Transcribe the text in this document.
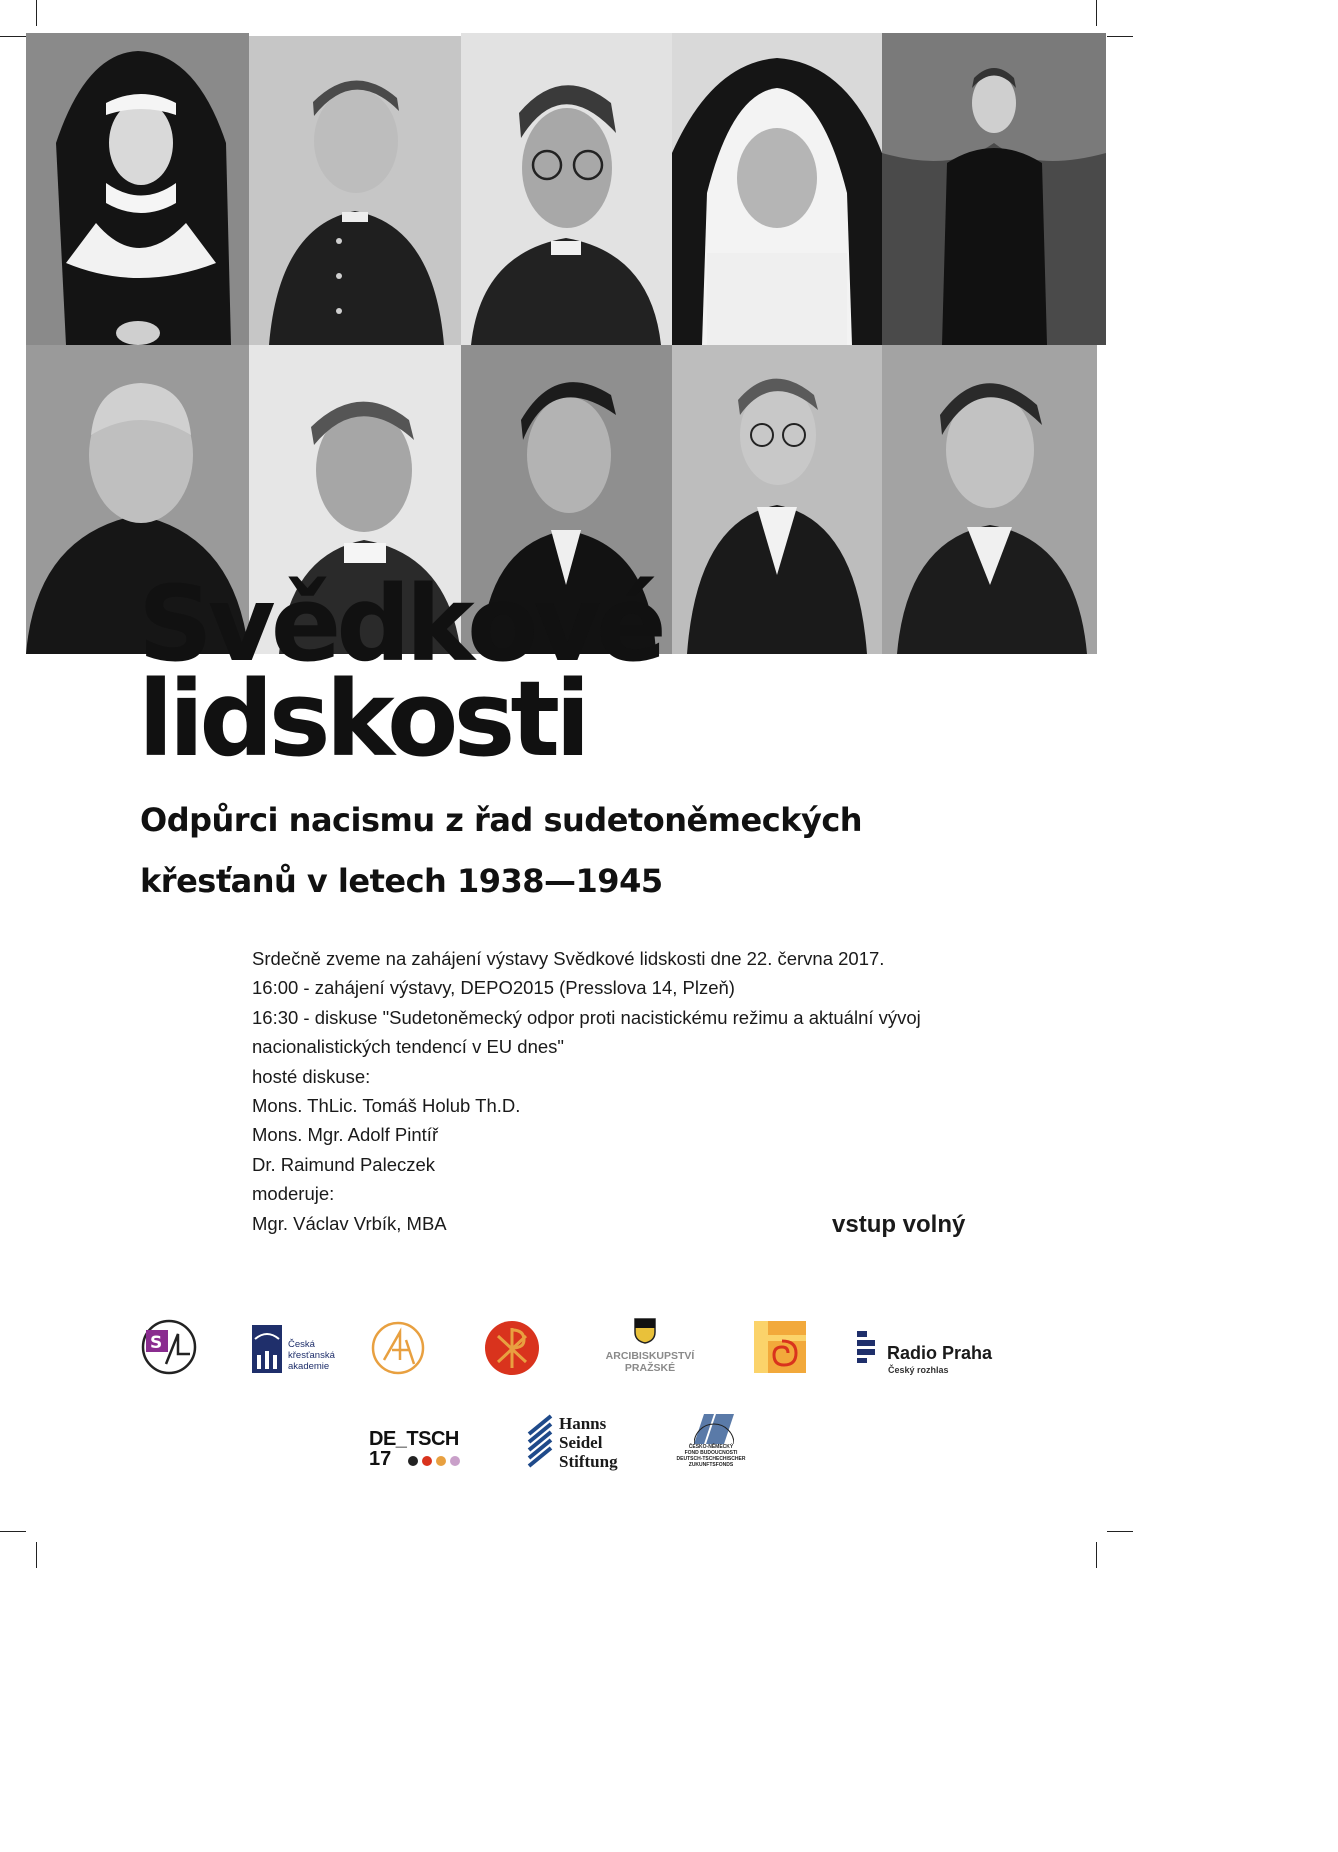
Svědkové
lidskosti
Odpůrci nacismu z řad sudetoněmeckých
křesťanů v letech 1938—1945
Srdečně zveme na zahájení výstavy Svědkové lidskosti dne 22. června 2017.
16:00 - zahájení výstavy, DEPO2015 (Presslova 14, Plzeň)
16:30 - diskuse "Sudetoněmecký odpor proti nacistickému režimu a aktuální vývoj
nacionalistických tendencí v EU dnes"
hosté diskuse:
Mons. ThLic. Tomáš Holub Th.D.
Mons. Mgr. Adolf Pintíř
Dr. Raimund Paleczek
moderuje:
Mgr. Václav Vrbík, MBA	vstup volný
S	Česká
křesťanská
akademie
ARCIBISKUPSTVÍ
PRAŽSKÉ
Radio Praha
Český rozhlas
DE_TSCH
17
Hanns
Seidel
Stiftung
ČESKO-NĚMECKÝ
FOND BUDOUCNOSTI
DEUTSCH-TSCHECHISCHER
ZUKUNFTSFONDS
